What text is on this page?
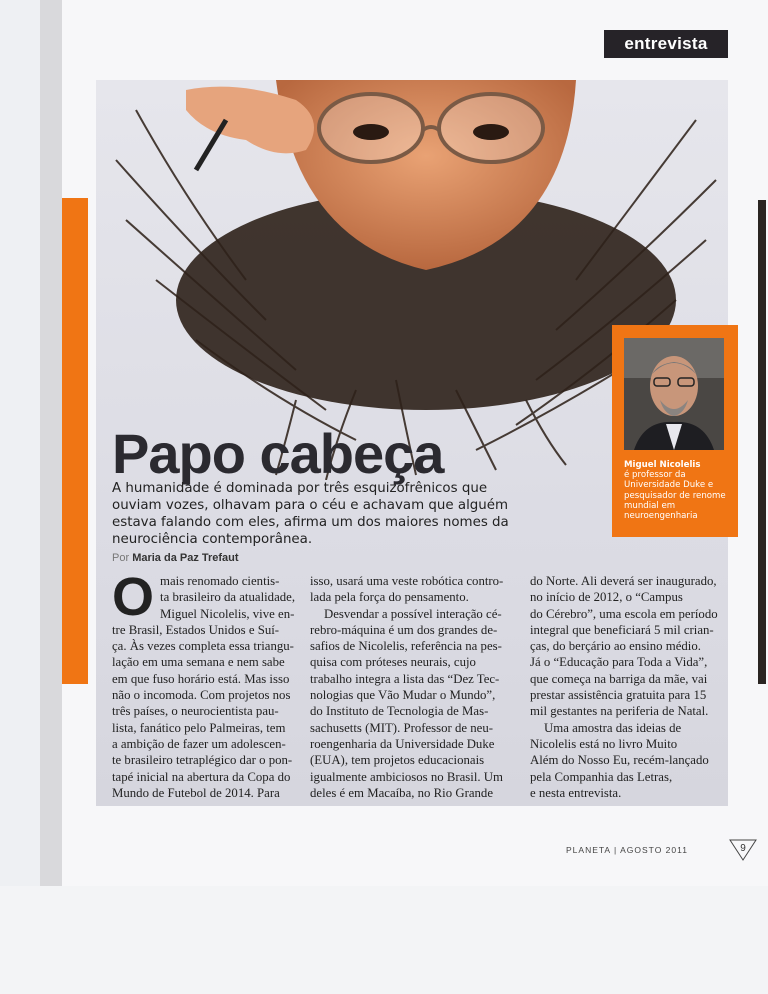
entrevista
Papo cabeça

A humanidade é dominada por três esquizofrênicos que ouviam vozes, olhavam para o céu e achavam que alguém estava falando com eles, afirma um dos maiores nomes da neurociência contemporânea.

Por Maria da Paz Trefaut
Miguel Nicolelis
é professor da Universidade Duke e pesquisador de renome mundial em neuroengenharia
O mais renomado cientis-
ta brasileiro da atualidade,
Miguel Nicolelis, vive en-
tre Brasil, Estados Unidos e Suí-
ça. Às vezes completa essa triangu-
lação em uma semana e nem sabe
em que fuso horário está. Mas isso
não o incomoda. Com projetos nos
três países, o neurocientista pau-
lista, fanático pelo Palmeiras, tem
a ambição de fazer um adolescen-
te brasileiro tetraplégico dar o pon-
tapé inicial na abertura da Copa do
Mundo de Futebol de 2014. Para
isso, usará uma veste robótica contro-
lada pela força do pensamento.
Desvendar a possível interação cé-
rebro-máquina é um dos grandes de-
safios de Nicolelis, referência na pes-
quisa com próteses neurais, cujo
trabalho integra a lista das “Dez Tec-
nologias que Vão Mudar o Mundo”,
do Instituto de Tecnologia de Mas-
sachusetts (MIT). Professor de neu-
roengenharia da Universidade Duke
(EUA), tem projetos educacionais
igualmente ambiciosos no Brasil. Um
deles é em Macaíba, no Rio Grande
do Norte. Ali deverá ser inaugurado,
no início de 2012, o “Campus
do Cérebro”, uma escola em período
integral que beneficiará 5 mil crian-
ças, do berçário ao ensino médio.
Já o “Educação para Toda a Vida”,
que começa na barriga da mãe, vai
prestar assistência gratuita para 15
mil gestantes na periferia de Natal.
Uma amostra das ideias de
Nicolelis está no livro Muito
Além do Nosso Eu, recém-lançado
pela Companhia das Letras,
e nesta entrevista.
PLANETA | AGOSTO 2011	9
